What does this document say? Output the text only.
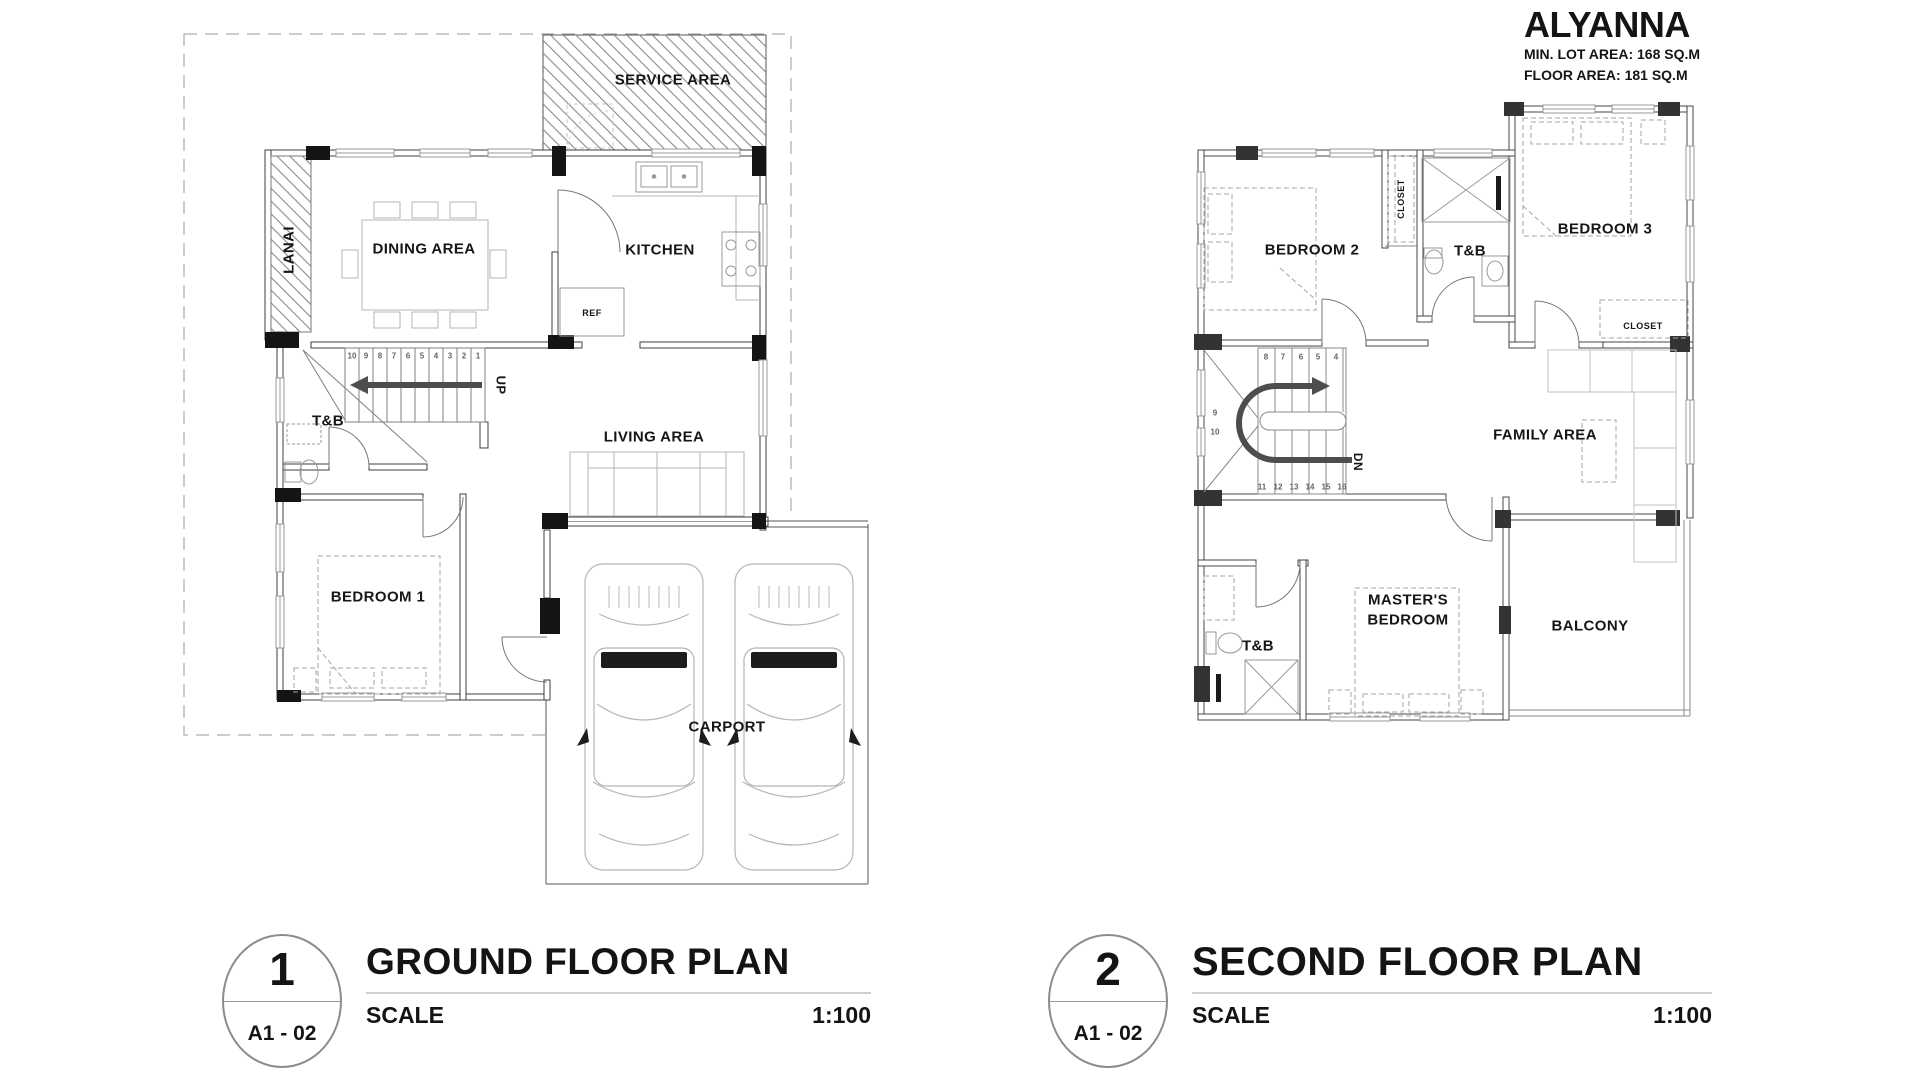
ALYANNA
MIN. LOT AREA: 168 SQ.M
FLOOR AREA: 181 SQ.M
SERVICE AREA
LANAI	DINING AREA	KITCHEN
REF
T&B
UP
LIVING AREA
BEDROOM 1
CARPORT
BEDROOM 2
CLOSET
T&B
BEDROOM 3
CLOSET
FAMILY AREA
MASTER'S BEDROOM
T&B
BALCONY
DN
1
2
3
4
5
6
7
8
9
10	8 7 6 5 4
9
10
11 12 13 14 15 16
1
A1 - 02
GROUND FLOOR PLAN
SCALE	1:100
2
A1 - 02
SECOND FLOOR PLAN
SCALE	1:100
